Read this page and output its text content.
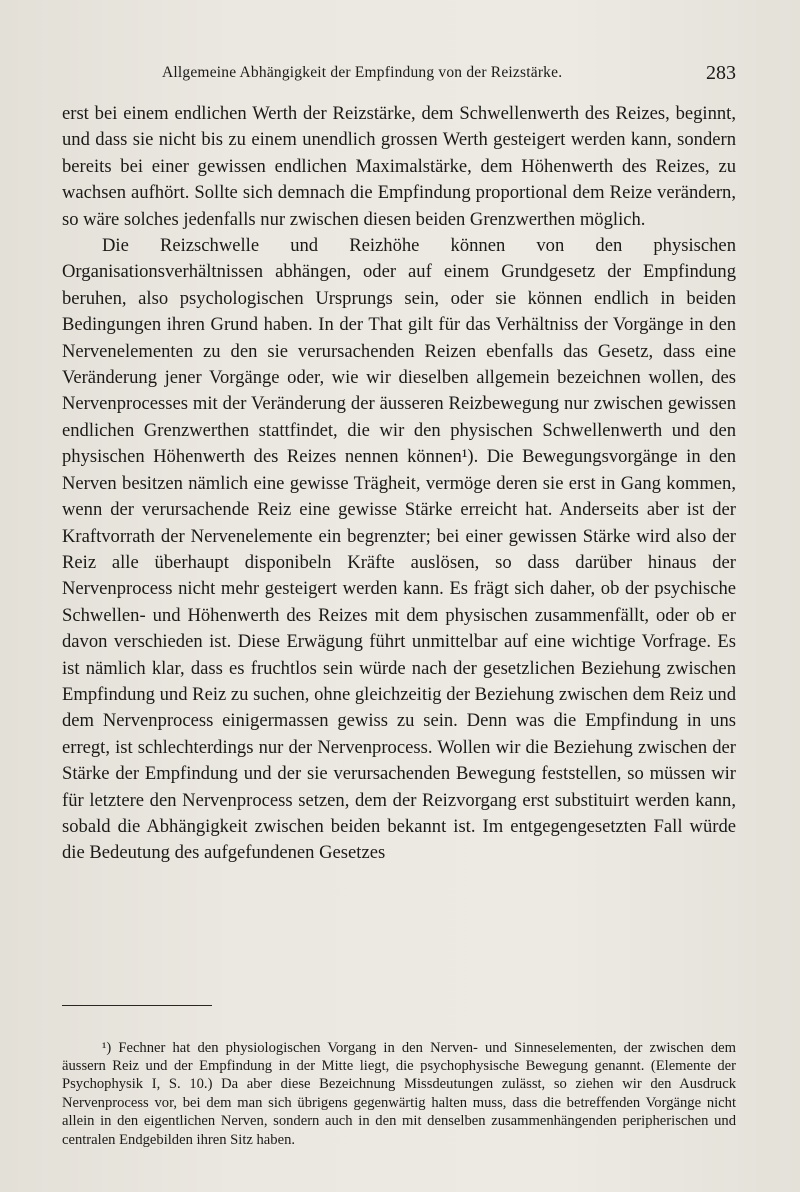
Allgemeine Abhängigkeit der Empfindung von der Reizstärke.	283

erst bei einem endlichen Werth der Reizstärke, dem Schwellenwerth des Reizes, beginnt, und dass sie nicht bis zu einem unendlich grossen Werth gesteigert werden kann, sondern bereits bei einer gewissen endlichen Maximalstärke, dem Höhenwerth des Reizes, zu wachsen aufhört. Sollte sich demnach die Empfindung proportional dem Reize verändern, so wäre solches jedenfalls nur zwischen diesen beiden Grenzwerthen möglich.

Die Reizschwelle und Reizhöhe können von den physischen Organisationsverhältnissen abhängen, oder auf einem Grundgesetz der Empfindung beruhen, also psychologischen Ursprungs sein, oder sie können endlich in beiden Bedingungen ihren Grund haben. In der That gilt für das Verhältniss der Vorgänge in den Nervenelementen zu den sie verursachenden Reizen ebenfalls das Gesetz, dass eine Veränderung jener Vorgänge oder, wie wir dieselben allgemein bezeichnen wollen, des Nervenprocesses mit der Veränderung der äusseren Reizbewegung nur zwischen gewissen endlichen Grenzwerthen stattfindet, die wir den physischen Schwellenwerth und den physischen Höhenwerth des Reizes nennen können¹). Die Bewegungsvorgänge in den Nerven besitzen nämlich eine gewisse Trägheit, vermöge deren sie erst in Gang kommen, wenn der verursachende Reiz eine gewisse Stärke erreicht hat. Anderseits aber ist der Kraftvorrath der Nervenelemente ein begrenzter; bei einer gewissen Stärke wird also der Reiz alle überhaupt disponibeln Kräfte auslösen, so dass darüber hinaus der Nervenprocess nicht mehr gesteigert werden kann. Es frägt sich daher, ob der psychische Schwellen- und Höhenwerth des Reizes mit dem physischen zusammenfällt, oder ob er davon verschieden ist. Diese Erwägung führt unmittelbar auf eine wichtige Vorfrage. Es ist nämlich klar, dass es fruchtlos sein würde nach der gesetzlichen Beziehung zwischen Empfindung und Reiz zu suchen, ohne gleichzeitig der Beziehung zwischen dem Reiz und dem Nervenprocess einigermassen gewiss zu sein. Denn was die Empfindung in uns erregt, ist schlechterdings nur der Nervenprocess. Wollen wir die Beziehung zwischen der Stärke der Empfindung und der sie verursachenden Bewegung feststellen, so müssen wir für letztere den Nervenprocess setzen, dem der Reizvorgang erst substituirt werden kann, sobald die Abhängigkeit zwischen beiden bekannt ist. Im entgegengesetzten Fall würde die Bedeutung des aufgefundenen Gesetzes

¹) Fechner hat den physiologischen Vorgang in den Nerven- und Sinneselementen, der zwischen dem äussern Reiz und der Empfindung in der Mitte liegt, die psychophysische Bewegung genannt. (Elemente der Psychophysik I, S. 10.) Da aber diese Bezeichnung Missdeutungen zulässt, so ziehen wir den Ausdruck Nervenprocess vor, bei dem man sich übrigens gegenwärtig halten muss, dass die betreffenden Vorgänge nicht allein in den eigentlichen Nerven, sondern auch in den mit denselben zusammenhängenden peripherischen und centralen Endgebilden ihren Sitz haben.
